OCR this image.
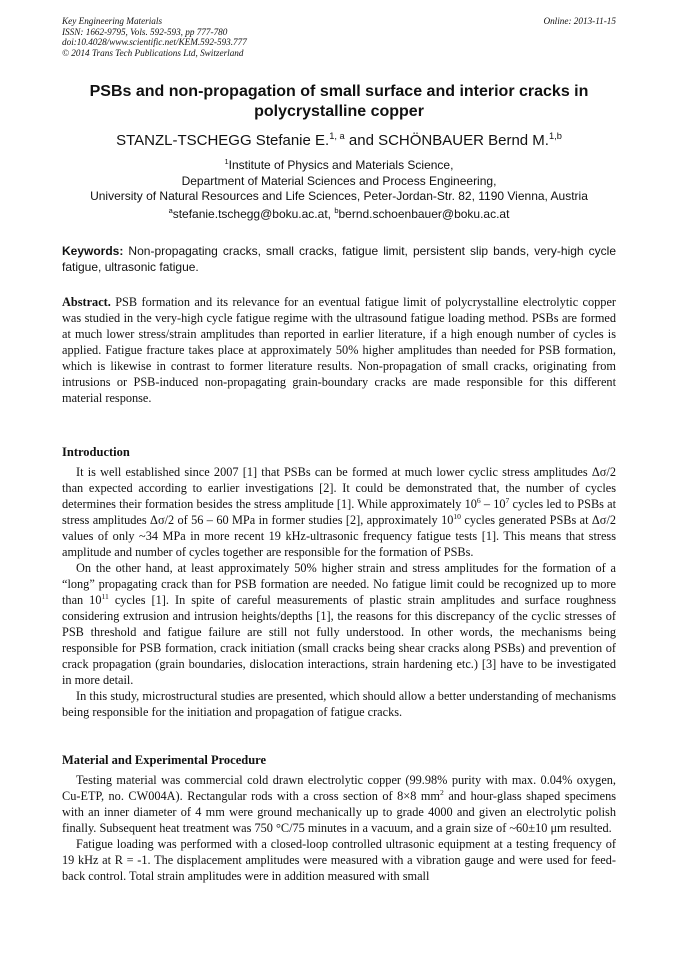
Key Engineering Materials
ISSN: 1662-9795, Vols. 592-593, pp 777-780
doi:10.4028/www.scientific.net/KEM.592-593.777
© 2014 Trans Tech Publications Ltd, Switzerland
Online: 2013-11-15
PSBs and non-propagation of small surface and interior cracks in polycrystalline copper
STANZL-TSCHEGG Stefanie E.$^{1, a}$ and SCHÖNBAUER Bernd M.$^{1,b}$
$^1$Institute of Physics and Materials Science,
Department of Material Sciences and Process Engineering,
University of Natural Resources and Life Sciences, Peter-Jordan-Str. 82, 1190 Vienna, Austria
$^a$stefanie.tschegg@boku.ac.at, $^b$bernd.schoenbauer@boku.ac.at
Keywords: Non-propagating cracks, small cracks, fatigue limit, persistent slip bands, very-high cycle fatigue, ultrasonic fatigue.
Abstract. PSB formation and its relevance for an eventual fatigue limit of polycrystalline electrolytic copper was studied in the very-high cycle fatigue regime with the ultrasound fatigue loading method. PSBs are formed at much lower stress/strain amplitudes than reported in earlier literature, if a high enough number of cycles is applied. Fatigue fracture takes place at approximately 50% higher amplitudes than needed for PSB formation, which is likewise in contrast to former literature results. Non-propagation of small cracks, originating from intrusions or PSB-induced non-propagating grain-boundary cracks are made responsible for this different material response.
Introduction
It is well established since 2007 [1] that PSBs can be formed at much lower cyclic stress amplitudes Δσ/2 than expected according to earlier investigations [2]. It could be demonstrated that, the number of cycles determines their formation besides the stress amplitude [1]. While approximately $10^6 - 10^7$ cycles led to PSBs at stress amplitudes Δσ/2 of 56 – 60 MPa in former studies [2], approximately $10^{10}$ cycles generated PSBs at Δσ/2 values of only ~34 MPa in more recent 19 kHz-ultrasonic frequency fatigue tests [1]. This means that stress amplitude and number of cycles together are responsible for the formation of PSBs.
On the other hand, at least approximately 50% higher strain and stress amplitudes for the formation of a “long” propagating crack than for PSB formation are needed. No fatigue limit could be recognized up to more than $10^{11}$ cycles [1]. In spite of careful measurements of plastic strain amplitudes and surface roughness considering extrusion and intrusion heights/depths [1], the reasons for this discrepancy of the cyclic stresses of PSB threshold and fatigue failure are still not fully understood. In other words, the mechanisms being responsible for PSB formation, crack initiation (small cracks being shear cracks along PSBs) and prevention of crack propagation (grain boundaries, dislocation interactions, strain hardening etc.) [3] have to be investigated in more detail.
In this study, microstructural studies are presented, which should allow a better understanding of mechanisms being responsible for the initiation and propagation of fatigue cracks.
Material and Experimental Procedure
Testing material was commercial cold drawn electrolytic copper (99.98% purity with max. 0.04% oxygen, Cu-ETP, no. CW004A). Rectangular rods with a cross section of 8×8 $mm^2$ and hour-glass shaped specimens with an inner diameter of 4 mm were ground mechanically up to grade 4000 and given an electrolytic polish finally. Subsequent heat treatment was 750 °C/75 minutes in a vacuum, and a grain size of ~60±10 μm resulted.
Fatigue loading was performed with a closed-loop controlled ultrasonic equipment at a testing frequency of 19 kHz at R = -1. The displacement amplitudes were measured with a vibration gauge and were used for feed-back control. Total strain amplitudes were in addition measured with small
